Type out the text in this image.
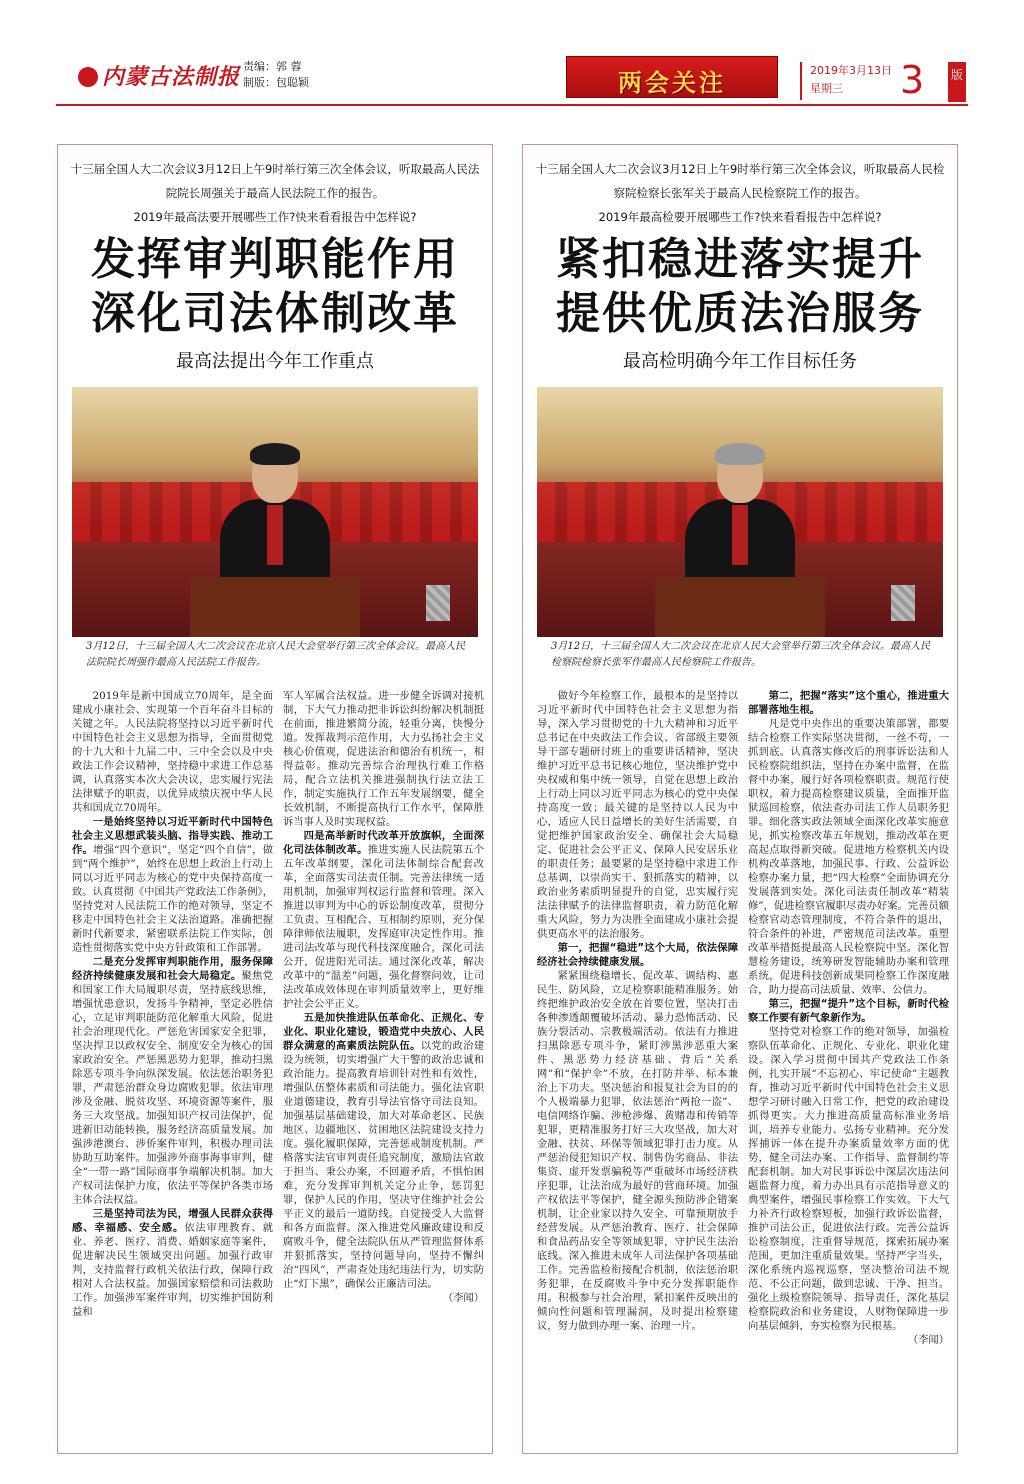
内蒙古法制报 责编：郭 蓉
制版：包聪颖	两会关注	2019年3月13日
星期三	3 版
十三届全国人大二次会议3月12日上午9时举行第三次全体会议，听取最高人民法院院长周强关于最高人民法院工作的报告。
2019年最高法要开展哪些工作?快来看看报告中怎样说?
发挥审判职能作用
深化司法体制改革
最高法提出今年工作重点
3月12日，十三届全国人大二次会议在北京人民大会堂举行第三次全体会议。最高人民法院院长周强作最高人民法院工作报告。

2019年是新中国成立70周年，是全面建成小康社会、实现第一个百年奋斗目标的关键之年。人民法院将坚持以习近平新时代中国特色社会主义思想为指导，全面贯彻党的十九大和十九届二中、三中全会以及中央政法工作会议精神，坚持稳中求进工作总基调，认真落实本次大会决议，忠实履行宪法法律赋予的职责，以优异成绩庆祝中华人民共和国成立70周年。

一是始终坚持以习近平新时代中国特色社会主义思想武装头脑、指导实践、推动工作。增强“四个意识”，坚定“四个自信”，做到“两个维护”，始终在思想上政治上行动上同以习近平同志为核心的党中央保持高度一致。认真贯彻《中国共产党政法工作条例》，坚持党对人民法院工作的绝对领导，坚定不移走中国特色社会主义法治道路。准确把握新时代新要求，紧密联系法院工作实际，创造性贯彻落实党中央方针政策和工作部署。

二是充分发挥审判职能作用，服务保障经济持续健康发展和社会大局稳定。聚焦党和国家工作大局履职尽责，坚持底线思维，增强忧患意识，发扬斗争精神，坚定必胜信心，立足审判职能防范化解重大风险，促进社会治理现代化。严惩危害国家安全犯罪，坚决捍卫以政权安全、制度安全为核心的国家政治安全。严惩黑恶势力犯罪，推动扫黑除恶专项斗争向纵深发展。依法惩治职务犯罪，严肃惩治群众身边腐败犯罪。依法审理涉及金融、脱贫攻坚、环境资源等案件，服务三大攻坚战。加强知识产权司法保护，促进新旧动能转换，服务经济高质量发展。加强涉港澳台、涉侨案件审判，积极办理司法协助互助案件。加强涉外商事海事审判，健全“一带一路”国际商事争端解决机制。加大产权司法保护力度，依法平等保护各类市场主体合法权益。

三是坚持司法为民，增强人民群众获得感、幸福感、安全感。依法审理教育、就业、养老、医疗、消费、婚姻家庭等案件，促进解决民生领域突出问题。加强行政审判，支持监督行政机关依法行政，保障行政相对人合法权益。加强国家赔偿和司法救助工作。加强涉军案件审判，切实维护国防利益和

军人军属合法权益。进一步健全诉调对接机制，下大气力推动把非诉讼纠纷解决机制挺在前面，推进繁简分流，轻重分离，快慢分道。发挥裁判示范作用，大力弘扬社会主义核心价值观，促进法治和德治有机统一，相得益彰。推动完善综合治理执行难工作格局，配合立法机关推进强制执行法立法工作，制定实施执行工作五年发展纲要，健全长效机制，不断提高执行工作水平，保障胜诉当事人及时实现权益。

四是高举新时代改革开放旗帜，全面深化司法体制改革。推进实施人民法院第五个五年改革纲要，深化司法体制综合配套改革，全面落实司法责任制。完善法律统一适用机制，加强审判权运行监督和管理。深入推进以审判为中心的诉讼制度改革，贯彻分工负责、互相配合、互相制约原则，充分保障律师依法履职，发挥庭审决定性作用。推进司法改革与现代科技深度融合，深化司法公开，促进阳光司法。通过深化改革，解决改革中的“温差”问题，强化督察问效，让司法改革成效体现在审判质量效率上，更好维护社会公平正义。

五是加快推进队伍革命化、正规化、专业化、职业化建设，锻造党中央放心、人民群众满意的高素质法院队伍。以党的政治建设为统领，切实增强广大干警的政治忠诚和政治能力。提高教育培训针对性和有效性，增强队伍整体素质和司法能力。强化法官职业道德建设，教育引导法官恪守司法良知。加强基层基础建设，加大对革命老区、民族地区、边疆地区、贫困地区法院建设支持力度。强化履职保障，完善惩戒制度机制。严格落实法官审判责任追究制度，激励法官敢于担当、秉公办案，不回避矛盾，不惧怕困难，充分发挥审判机关定分止争，惩罚犯罪，保护人民的作用，坚决守住维护社会公平正义的最后一道防线。自觉接受人大监督和各方面监督。深入推进党风廉政建设和反腐败斗争，健全法院队伍从严管理监督体系并狠抓落实，坚持问题导向，坚持不懈纠治“四风”，严肃查处违纪违法行为，切实防止“灯下黑”，确保公正廉洁司法。

（李闻）

十三届全国人大二次会议3月12日上午9时举行第三次全体会议，听取最高人民检察院检察长张军关于最高人民检察院工作的报告。
2019年最高检要开展哪些工作?快来看看报告中怎样说?
紧扣稳进落实提升
提供优质法治服务
最高检明确今年工作目标任务
3月12日，十三届全国人大二次会议在北京人民大会堂举行第三次全体会议。最高人民检察院检察长张军作最高人民检察院工作报告。

做好今年检察工作，最根本的是坚持以习近平新时代中国特色社会主义思想为指导，深入学习贯彻党的十九大精神和习近平总书记在中央政法工作会议、省部级主要领导干部专题研讨班上的重要讲话精神，坚决维护习近平总书记核心地位，坚决维护党中央权威和集中统一领导，自觉在思想上政治上行动上同以习近平同志为核心的党中央保持高度一致；最关键的是坚持以人民为中心，适应人民日益增长的美好生活需要，自觉把维护国家政治安全、确保社会大局稳定、促进社会公平正义、保障人民安居乐业的职责任务；最要紧的是坚持稳中求进工作总基调，以崇尚实干、狠抓落实的精神，以政治业务素质明显提升的自觉，忠实履行宪法法律赋予的法律监督职责，着力防范化解重大风险，努力为决胜全面建成小康社会提供更高水平的法治服务。

第一，把握“稳进”这个大局，依法保障经济社会持续健康发展。

紧紧围绕稳增长、促改革、调结构、惠民生、防风险，立足检察职能精准服务。始终把维护政治安全放在首要位置，坚决打击各种渗透颠覆破坏活动、暴力恐怖活动、民族分裂活动、宗教极端活动。依法有力推进扫黑除恶专项斗争，紧盯涉黑涉恶重大案件、黑恶势力经济基础、背后“关系网”和“保护伞”不放，在打防并举、标本兼治上下功夫。坚决惩治和报复社会为目的的个人极端暴力犯罪，依法惩治“两抢一盗”、电信网络诈骗、涉枪涉爆、黄赌毒和传销等犯罪，更精准服务打好三大攻坚战，加大对金融、扶贫、环保等领域犯罪打击力度。从严惩治侵犯知识产权、制售伪劣商品、非法集资、虚开发票骗税等严重破坏市场经济秩序犯罪，让法治成为最好的营商环境。加强产权依法平等保护，健全源头预防涉企错案机制，让企业家以持久安全、可靠预期放手经营发展。从严惩治教育、医疗、社会保障和食品药品安全等领域犯罪，守护民生法治底线。深入推进未成年人司法保护各项基础工作。完善监检衔接配合机制，依法惩治职务犯罪，在反腐败斗争中充分发挥职能作用。积极参与社会治理，紧扣案件反映出的倾向性问题和管理漏洞，及时提出检察建议，努力做到办理一案、治理一片。

第二，把握“落实”这个重心，推进重大部署落地生根。

凡是党中央作出的重要决策部署，都要结合检察工作实际坚决贯彻，一丝不苟，一抓到底。认真落实修改后的刑事诉讼法和人民检察院组织法，坚持在办案中监督，在监督中办案，履行好各项检察职责。规范行使职权，着力提高检察建议质量，全面推开监狱巡回检察，依法查办司法工作人员职务犯罪。细化落实政法领域全面深化改革实施意见，抓实检察改革五年规划，推动改革在更高起点取得新突破。促进地方检察机关内设机构改革落地，加强民事、行政、公益诉讼检察办案力量，把“四大检察”全面协调充分发展落到实处。深化司法责任制改革“精装修”，促进检察官履职尽责办好案。完善员额检察官动态管理制度，不符合条件的退出，符合条件的补进，严密规范司法改革。重塑改革举措挺提最高人民检察院中坚。深化智慧检务建设，统筹研发智能辅助办案和管理系统，促进科技创新成果同检察工作深度融合，助力提高司法质量、效率、公信力。

第三，把握“提升”这个目标，新时代检察工作要有新气象新作为。

坚持党对检察工作的绝对领导，加强检察队伍革命化、正规化、专业化、职业化建设。深入学习贯彻中国共产党政法工作条例，扎实开展“不忘初心、牢记使命”主题教育，推动习近平新时代中国特色社会主义思想学习研讨融入日常工作，把党的政治建设抓得更实。大力推进高质量高标准业务培训，培养专业能力、弘扬专业精神。充分发挥捕诉一体在提升办案质量效率方面的优势，健全司法办案、工作指导、监督制约等配套机制。加大对民事诉讼中深层次违法问题监督力度，着力办出具有示范指导意义的典型案件，增强民事检察工作实效。下大气力补齐行政检察短板，加强行政诉讼监督，推护司法公正，促进依法行政。完善公益诉讼检察制度，注重督导规范，探索拓展办案范围，更加注重质量效果。坚持严字当头，深化系统内巡视巡察，坚决整治司法不规范、不公正问题，做到忠诚、干净、担当。强化上级检察院领导、指导责任，深化基层检察院政治和业务建设，人财物保障进一步向基层倾斜，夯实检察为民根基。

（李闻）
